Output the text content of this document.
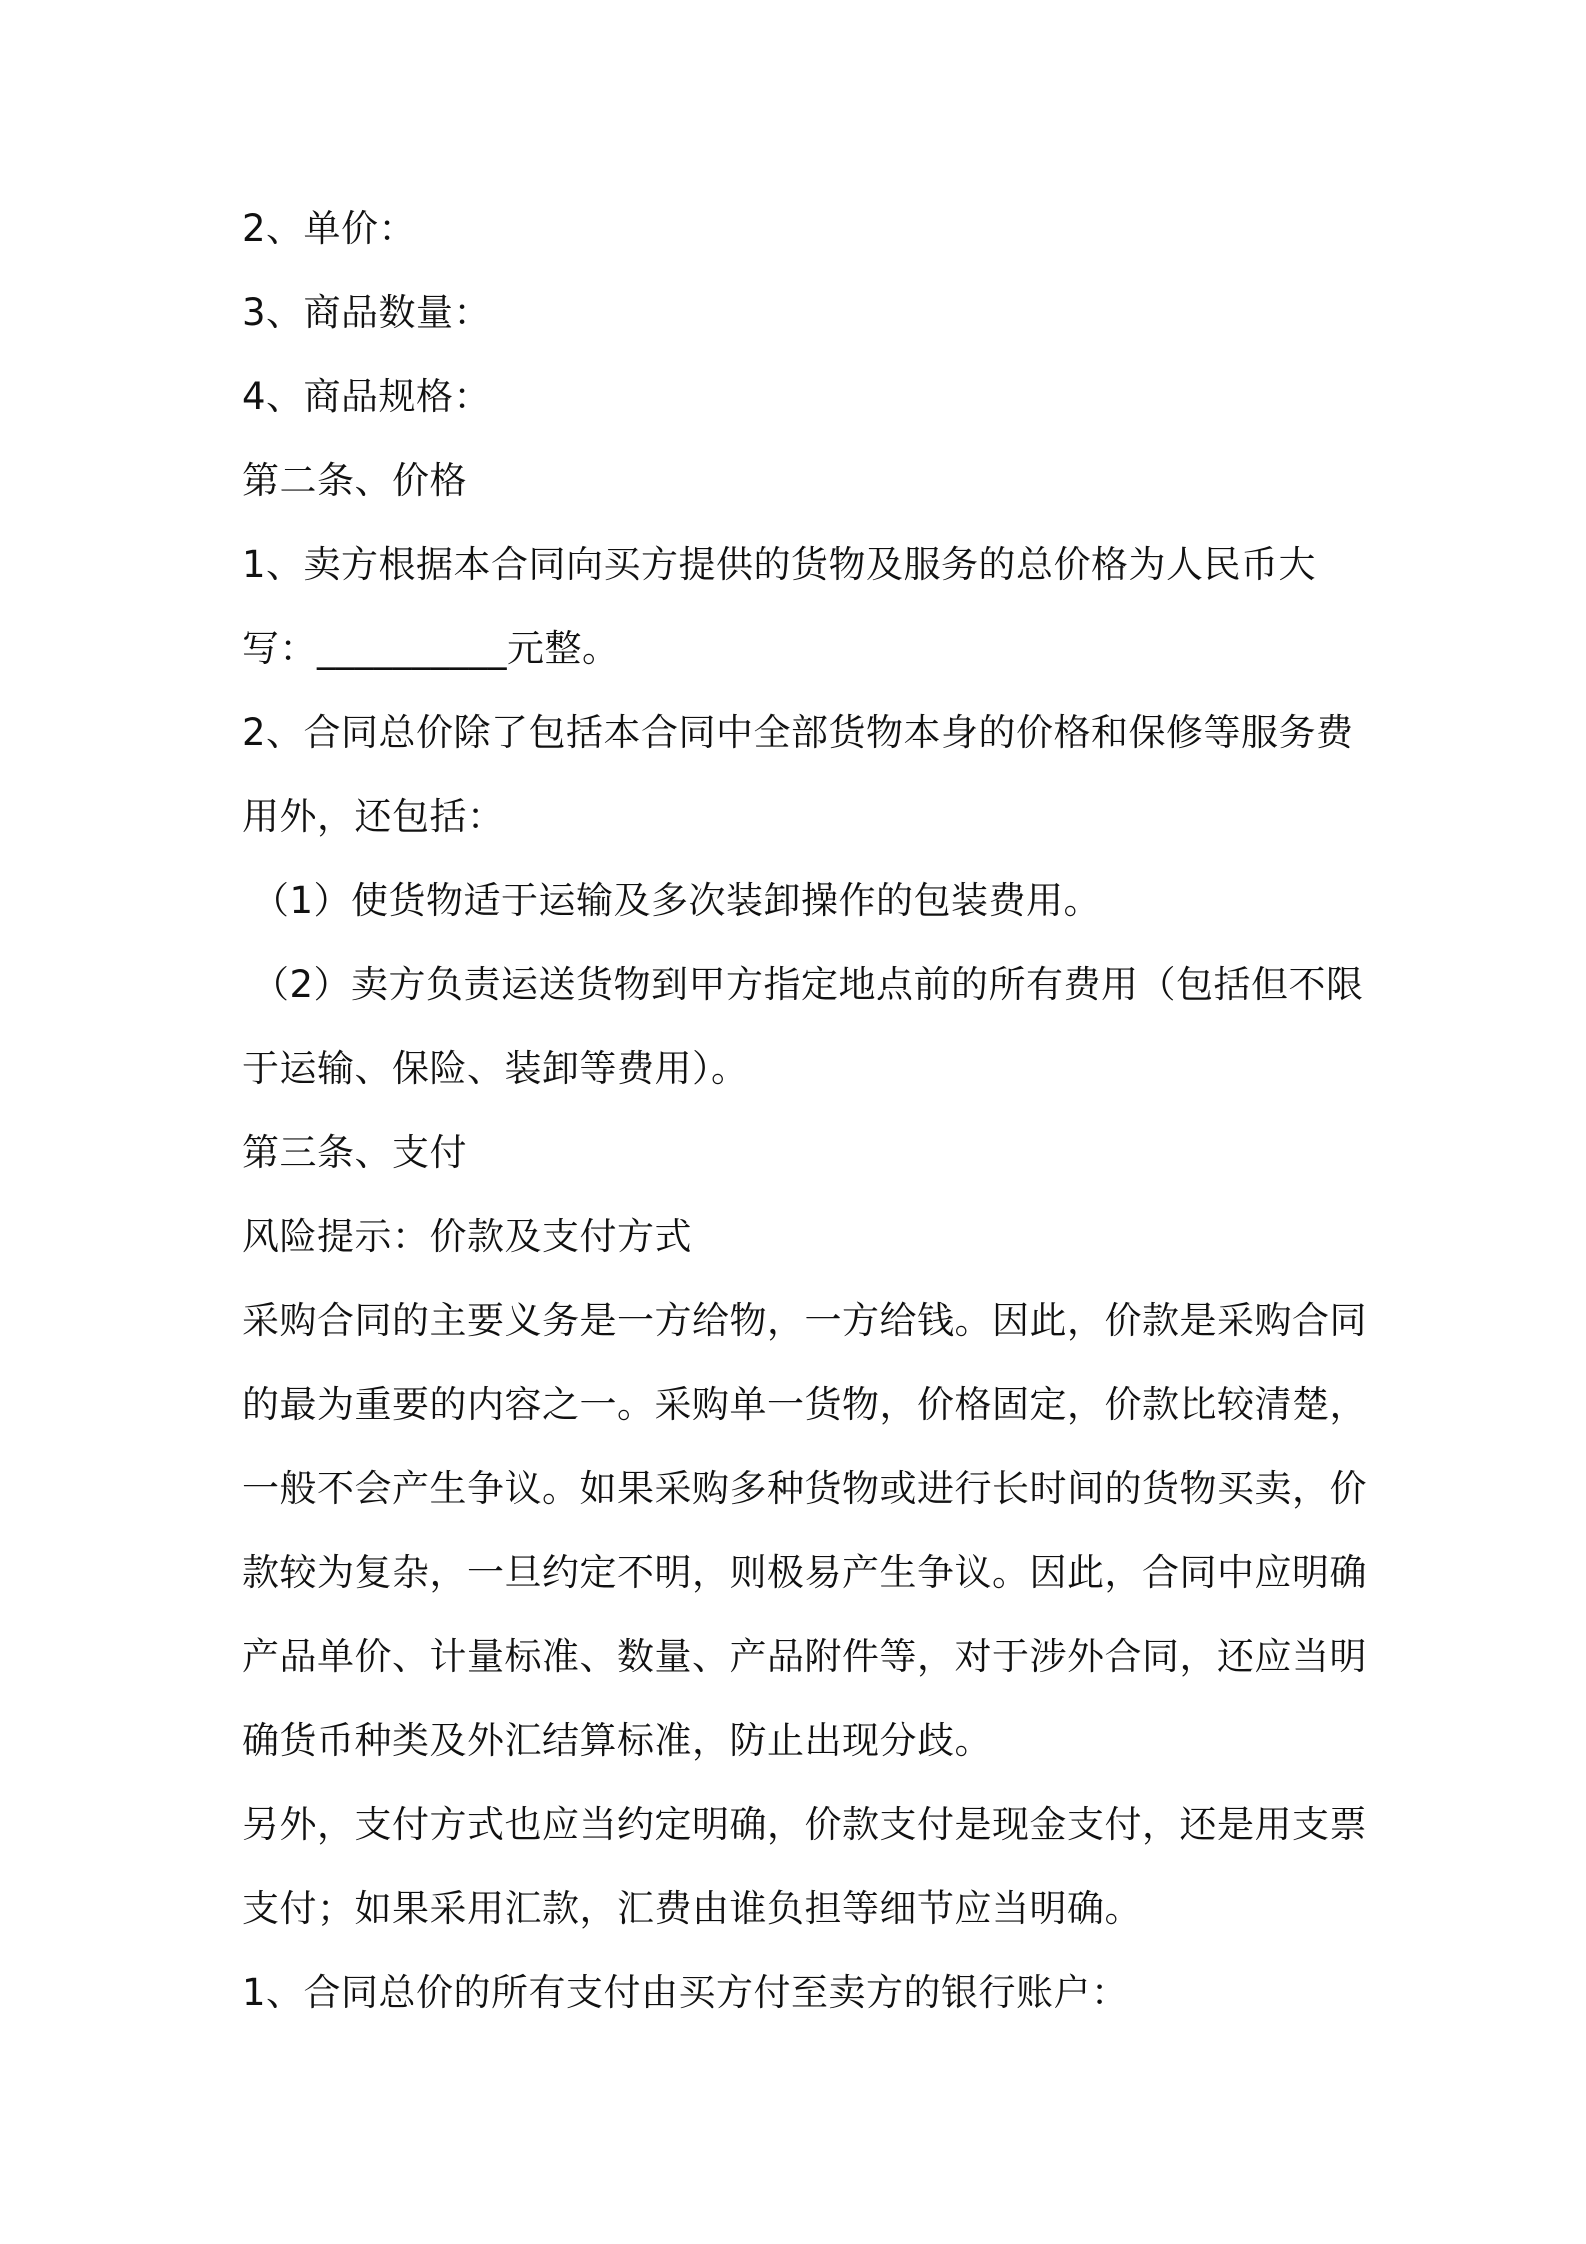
2、单价：
3、商品数量：
4、商品规格：
第二条、价格
1、卖方根据本合同向买方提供的货物及服务的总价格为人民币大
写：__________元整。
2、合同总价除了包括本合同中全部货物本身的价格和保修等服务费
用外，还包括：
（1）使货物适于运输及多次装卸操作的包装费用。
（2）卖方负责运送货物到甲方指定地点前的所有费用（包括但不限
于运输、保险、装卸等费用）。
第三条、支付
风险提示：价款及支付方式
采购合同的主要义务是一方给物，一方给钱。因此，价款是采购合同
的最为重要的内容之一。采购单一货物，价格固定，价款比较清楚，
一般不会产生争议。如果采购多种货物或进行长时间的货物买卖，价
款较为复杂，一旦约定不明，则极易产生争议。因此，合同中应明确
产品单价、计量标准、数量、产品附件等，对于涉外合同，还应当明
确货币种类及外汇结算标准，防止出现分歧。
另外，支付方式也应当约定明确，价款支付是现金支付，还是用支票
支付；如果采用汇款，汇费由谁负担等细节应当明确。
1、合同总价的所有支付由买方付至卖方的银行账户：
